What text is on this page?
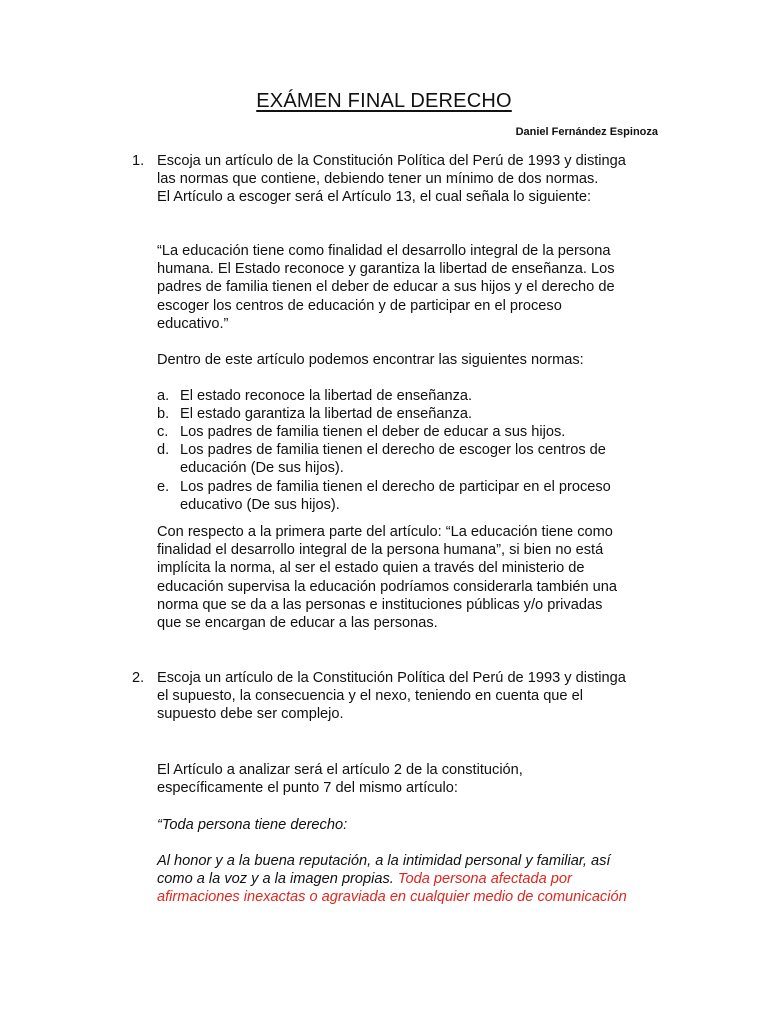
EXÁMEN FINAL DERECHO
Daniel Fernández Espinoza
1. Escoja un artículo de la Constitución Política del Perú de 1993 y distinga

las normas que contiene, debiendo tener un mínimo de dos normas.

El Artículo a escoger será el Artículo 13, el cual señala lo siguiente:

“La educación tiene como finalidad el desarrollo integral de la persona

humana. El Estado reconoce y garantiza la libertad de enseñanza. Los

padres de familia tienen el deber de educar a sus hijos y el derecho de

escoger los centros de educación y de participar en el proceso

educativo.”

Dentro de este artículo podemos encontrar las siguientes normas:
a. El estado reconoce la libertad de enseñanza.

b. El estado garantiza la libertad de enseñanza.

c. Los padres de familia tienen el deber de educar a sus hijos.

d. Los padres de familia tienen el derecho de escoger los centros de

educación (De sus hijos).

e. Los padres de familia tienen el derecho de participar en el proceso

educativo (De sus hijos).

Con respecto a la primera parte del artículo: “La educación tiene como

finalidad el desarrollo integral de la persona humana”, si bien no está

implícita la norma, al ser el estado quien a través del ministerio de

educación supervisa la educación podríamos considerarla también una

norma que se da a las personas e instituciones públicas y/o privadas

que se encargan de educar a las personas.

2. Escoja un artículo de la Constitución Política del Perú de 1993 y distinga

el supuesto, la consecuencia y el nexo, teniendo en cuenta que el

supuesto debe ser complejo.

El Artículo a analizar será el artículo 2 de la constitución,

específicamente el punto 7 del mismo artículo:

“Toda persona tiene derecho:

Al honor y a la buena reputación, a la intimidad personal y familiar, así

como a la voz y a la imagen propias. Toda persona afectada por

afirmaciones inexactas o agraviada en cualquier medio de comunicación
